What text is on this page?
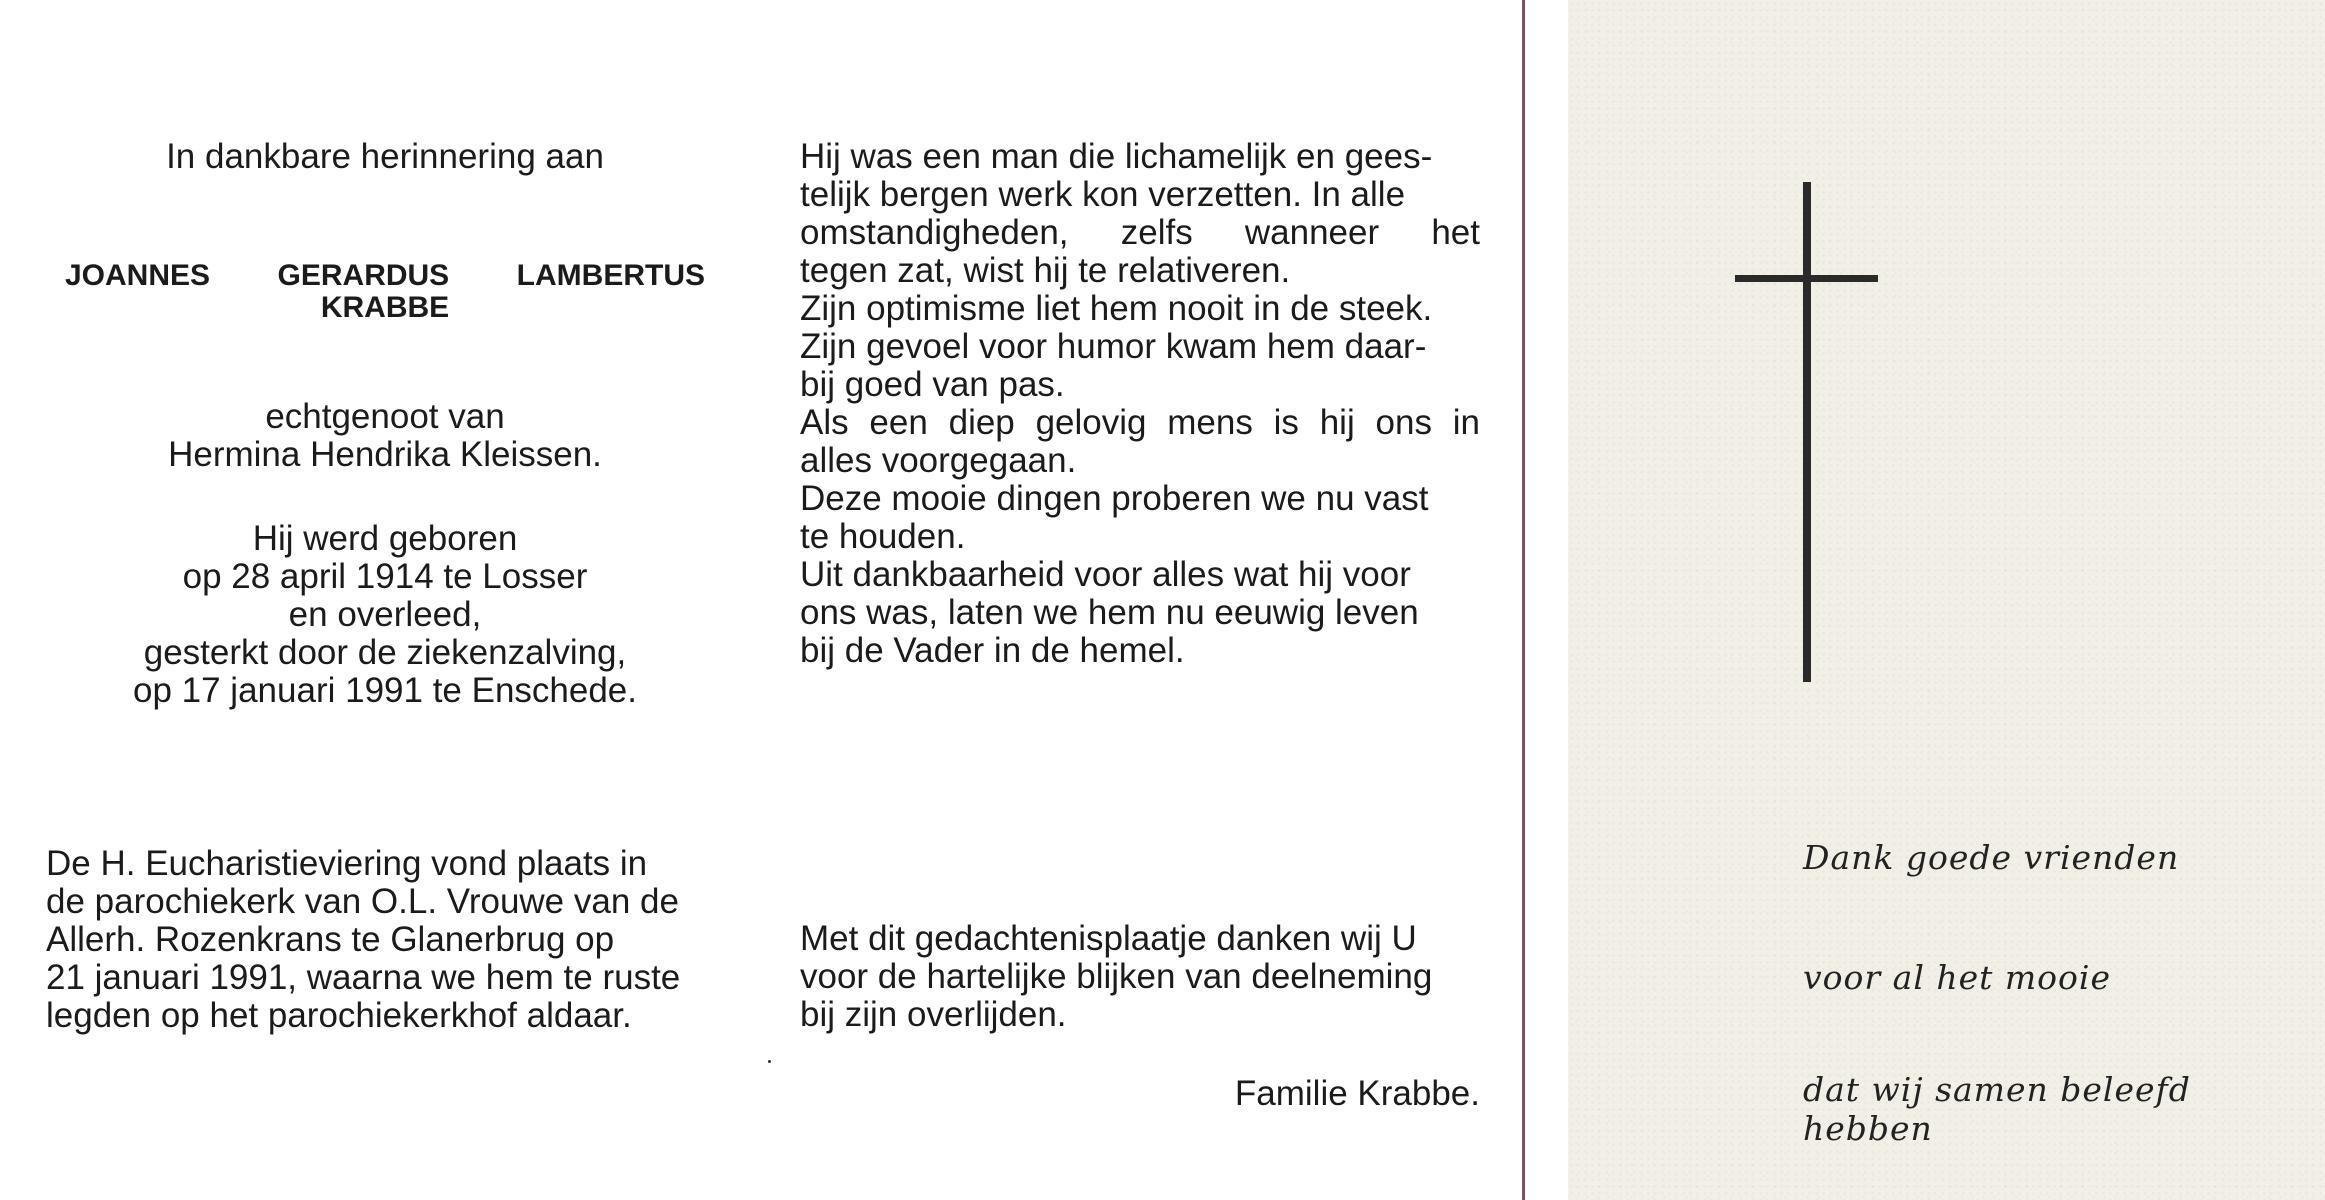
In dankbare herinnering aan

JOANNES GERARDUS LAMBERTUS
KRABBE
echtgenoot van
Hermina Hendrika Kleissen.
Hij werd geboren
op 28 april 1914 te Losser
en overleed,
gesterkt door de ziekenzalving,
op 17 januari 1991 te Enschede.
De H. Eucharistieviering vond plaats in
de parochiekerk van O.L. Vrouwe van de
Allerh. Rozenkrans te Glanerbrug op
21 januari 1991, waarna we hem te ruste
legden op het parochiekerkhof aldaar.
Hij was een man die lichamelijk en gees-
telijk bergen werk kon verzetten. In alle
omstandigheden, zelfs wanneer het
tegen zat, wist hij te relativeren.
Zijn optimisme liet hem nooit in de steek.
Zijn gevoel voor humor kwam hem daar-
bij goed van pas.
Als een diep gelovig mens is hij ons in
alles voorgegaan.
Deze mooie dingen proberen we nu vast
te houden.
Uit dankbaarheid voor alles wat hij voor
ons was, laten we hem nu eeuwig leven
bij de Vader in de hemel.
Met dit gedachtenisplaatje danken wij U
voor de hartelijke blijken van deelneming
bij zijn overlijden.

Familie Krabbe.

Dank goede vrienden
voor al het mooie
dat wij samen beleefd hebben
